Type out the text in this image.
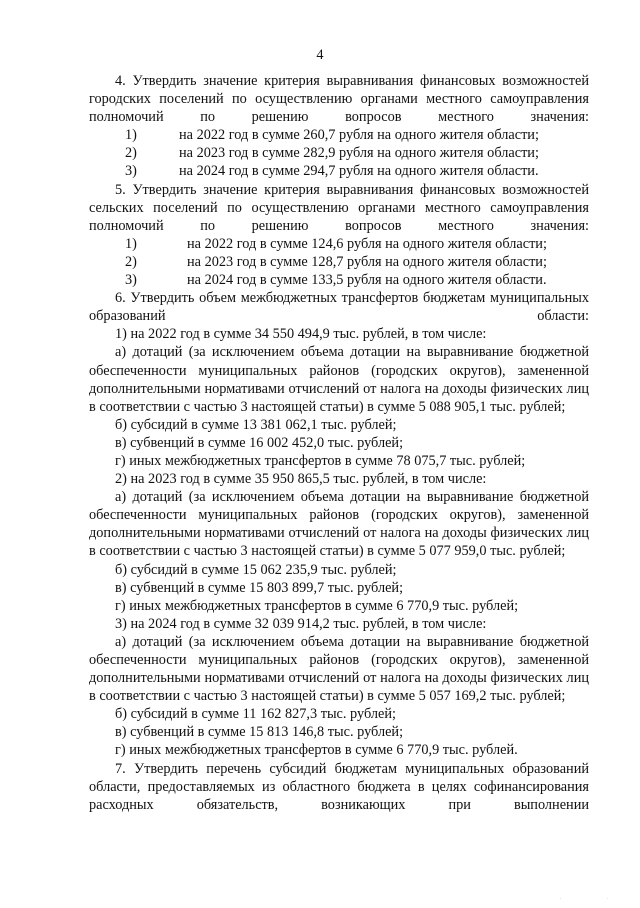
4
4. Утвердить значение критерия выравнивания финансовых возможностей городских поселений по осуществлению органами местного самоуправления полномочий по решению вопросов местного значения:
1)	на 2022 год в сумме 260,7 рубля на одного жителя области;
2)	на 2023 год в сумме 282,9 рубля на одного жителя области;
3)	на 2024 год в сумме 294,7 рубля на одного жителя области.
5. Утвердить значение критерия выравнивания финансовых возможностей сельских поселений по осуществлению органами местного самоуправления полномочий по решению вопросов местного значения:
1)	на 2022 год в сумме 124,6 рубля на одного жителя области;
2)	на 2023 год в сумме 128,7 рубля на одного жителя области;
3)	на 2024 год в сумме 133,5 рубля на одного жителя области.
6. Утвердить объем межбюджетных трансфертов бюджетам муниципальных образований области:
1) на 2022 год в сумме 34 550 494,9 тыс. рублей, в том числе:
а) дотаций (за исключением объема дотации на выравнивание бюджетной обеспеченности муниципальных районов (городских округов), замененной дополнительными нормативами отчислений от налога на доходы физических лиц в соответствии с частью 3 настоящей статьи) в сумме 5 088 905,1 тыс. рублей;
б) субсидий в сумме 13 381 062,1 тыс. рублей;
в) субвенций в сумме 16 002 452,0 тыс. рублей;
г) иных межбюджетных трансфертов в сумме 78 075,7 тыс. рублей;
2) на 2023 год в сумме 35 950 865,5 тыс. рублей, в том числе:
а) дотаций (за исключением объема дотации на выравнивание бюджетной обеспеченности муниципальных районов (городских округов), замененной дополнительными нормативами отчислений от налога на доходы физических лиц в соответствии с частью 3 настоящей статьи) в сумме 5 077 959,0 тыс. рублей;
б) субсидий в сумме 15 062 235,9 тыс. рублей;
в) субвенций в сумме 15 803 899,7 тыс. рублей;
г) иных межбюджетных трансфертов в сумме 6 770,9 тыс. рублей;
3) на 2024 год в сумме 32 039 914,2 тыс. рублей, в том числе:
а) дотаций (за исключением объема дотации на выравнивание бюджетной обеспеченности муниципальных районов (городских округов), замененной дополнительными нормативами отчислений от налога на доходы физических лиц в соответствии с частью 3 настоящей статьи) в сумме 5 057 169,2 тыс. рублей;
б) субсидий в сумме 11 162 827,3 тыс. рублей;
в) субвенций в сумме 15 813 146,8 тыс. рублей;
г) иных межбюджетных трансфертов в сумме 6 770,9 тыс. рублей.
7. Утвердить перечень субсидий бюджетам муниципальных образований области, предоставляемых из областного бюджета в целях софинансирования расходных обязательств, возникающих при выполнении
.                    .
